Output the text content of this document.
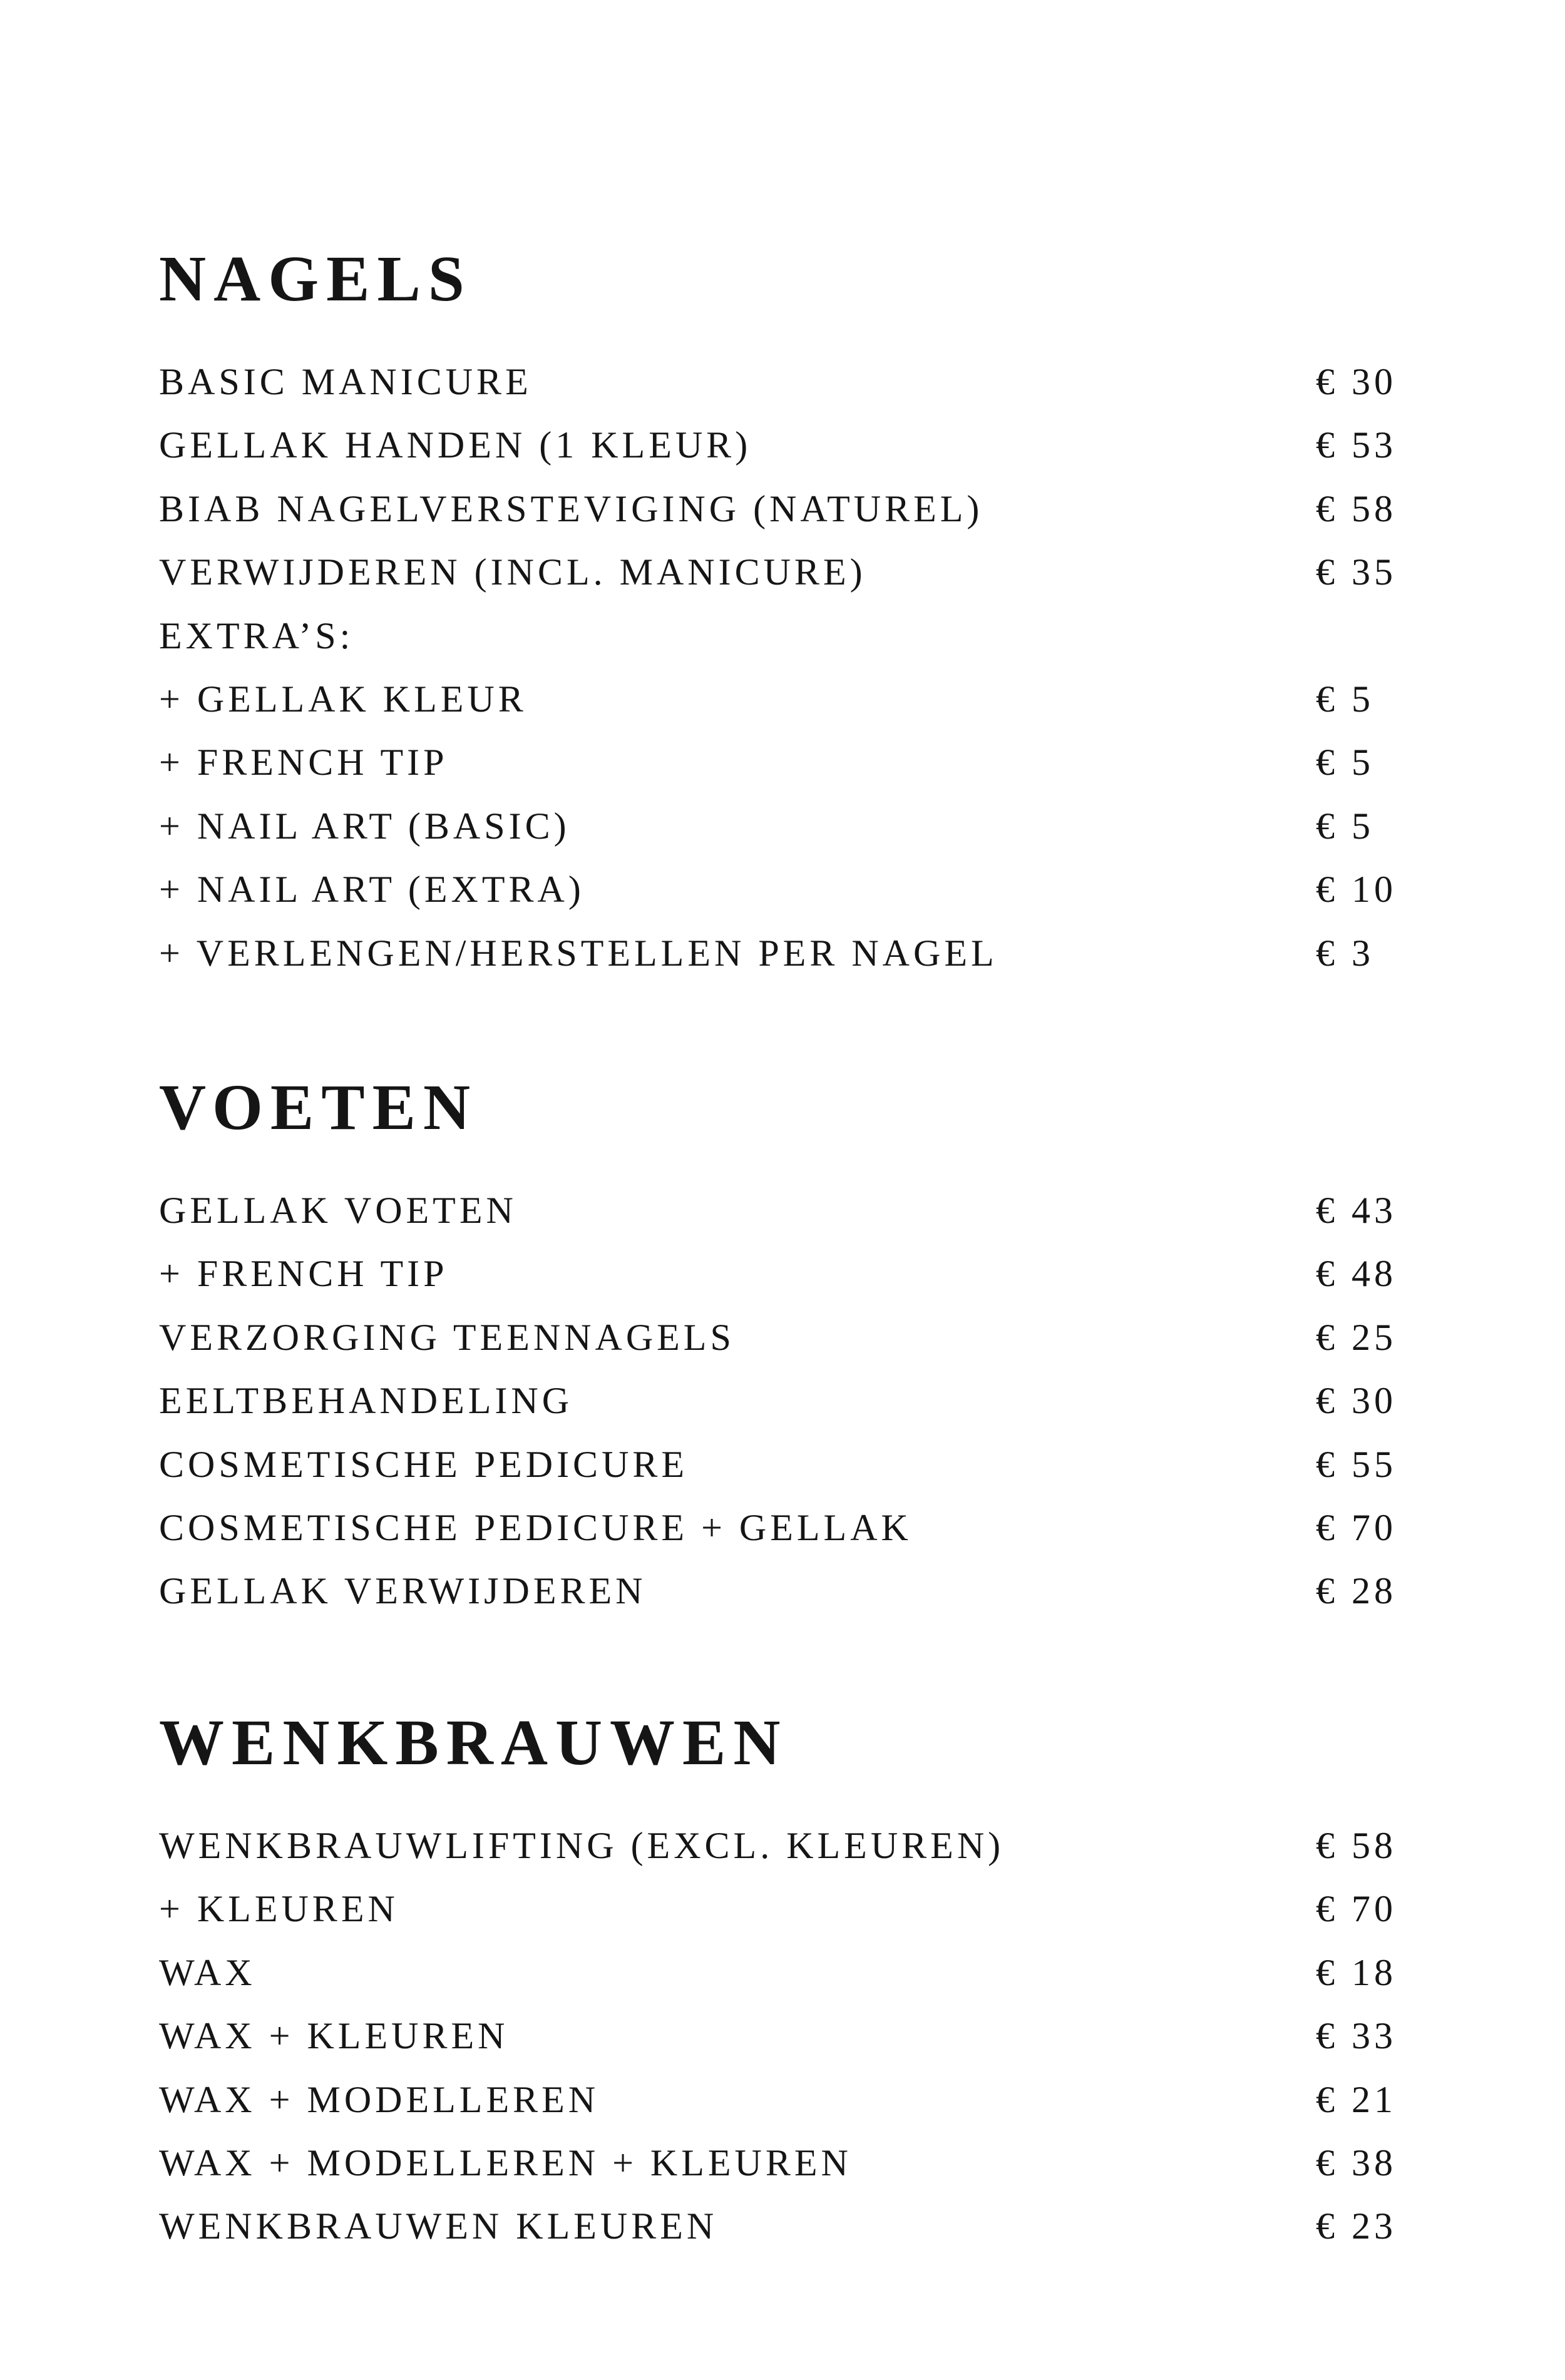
NAGELS
BASIC MANICURE	€ 30
GELLAK HANDEN (1 KLEUR)	€ 53
BIAB NAGELVERSTEVIGING (NATUREL)	€ 58
VERWIJDEREN (INCL. MANICURE)	€ 35
EXTRA’S:
+ GELLAK KLEUR	€ 5
+ FRENCH TIP	€ 5
+ NAIL ART (BASIC)	€ 5
+ NAIL ART (EXTRA)	€ 10
+ VERLENGEN/HERSTELLEN PER NAGEL	€ 3
VOETEN
GELLAK VOETEN	€ 43
+ FRENCH TIP	€ 48
VERZORGING TEENNAGELS	€ 25
EELTBEHANDELING	€ 30
COSMETISCHE PEDICURE	€ 55
COSMETISCHE PEDICURE + GELLAK	€ 70
GELLAK VERWIJDEREN	€ 28
WENKBRAUWEN
WENKBRAUWLIFTING (EXCL. KLEUREN)	€ 58
+ KLEUREN	€ 70
WAX	€ 18
WAX + KLEUREN	€ 33
WAX + MODELLEREN	€ 21
WAX + MODELLEREN + KLEUREN	€ 38
WENKBRAUWEN KLEUREN	€ 23
